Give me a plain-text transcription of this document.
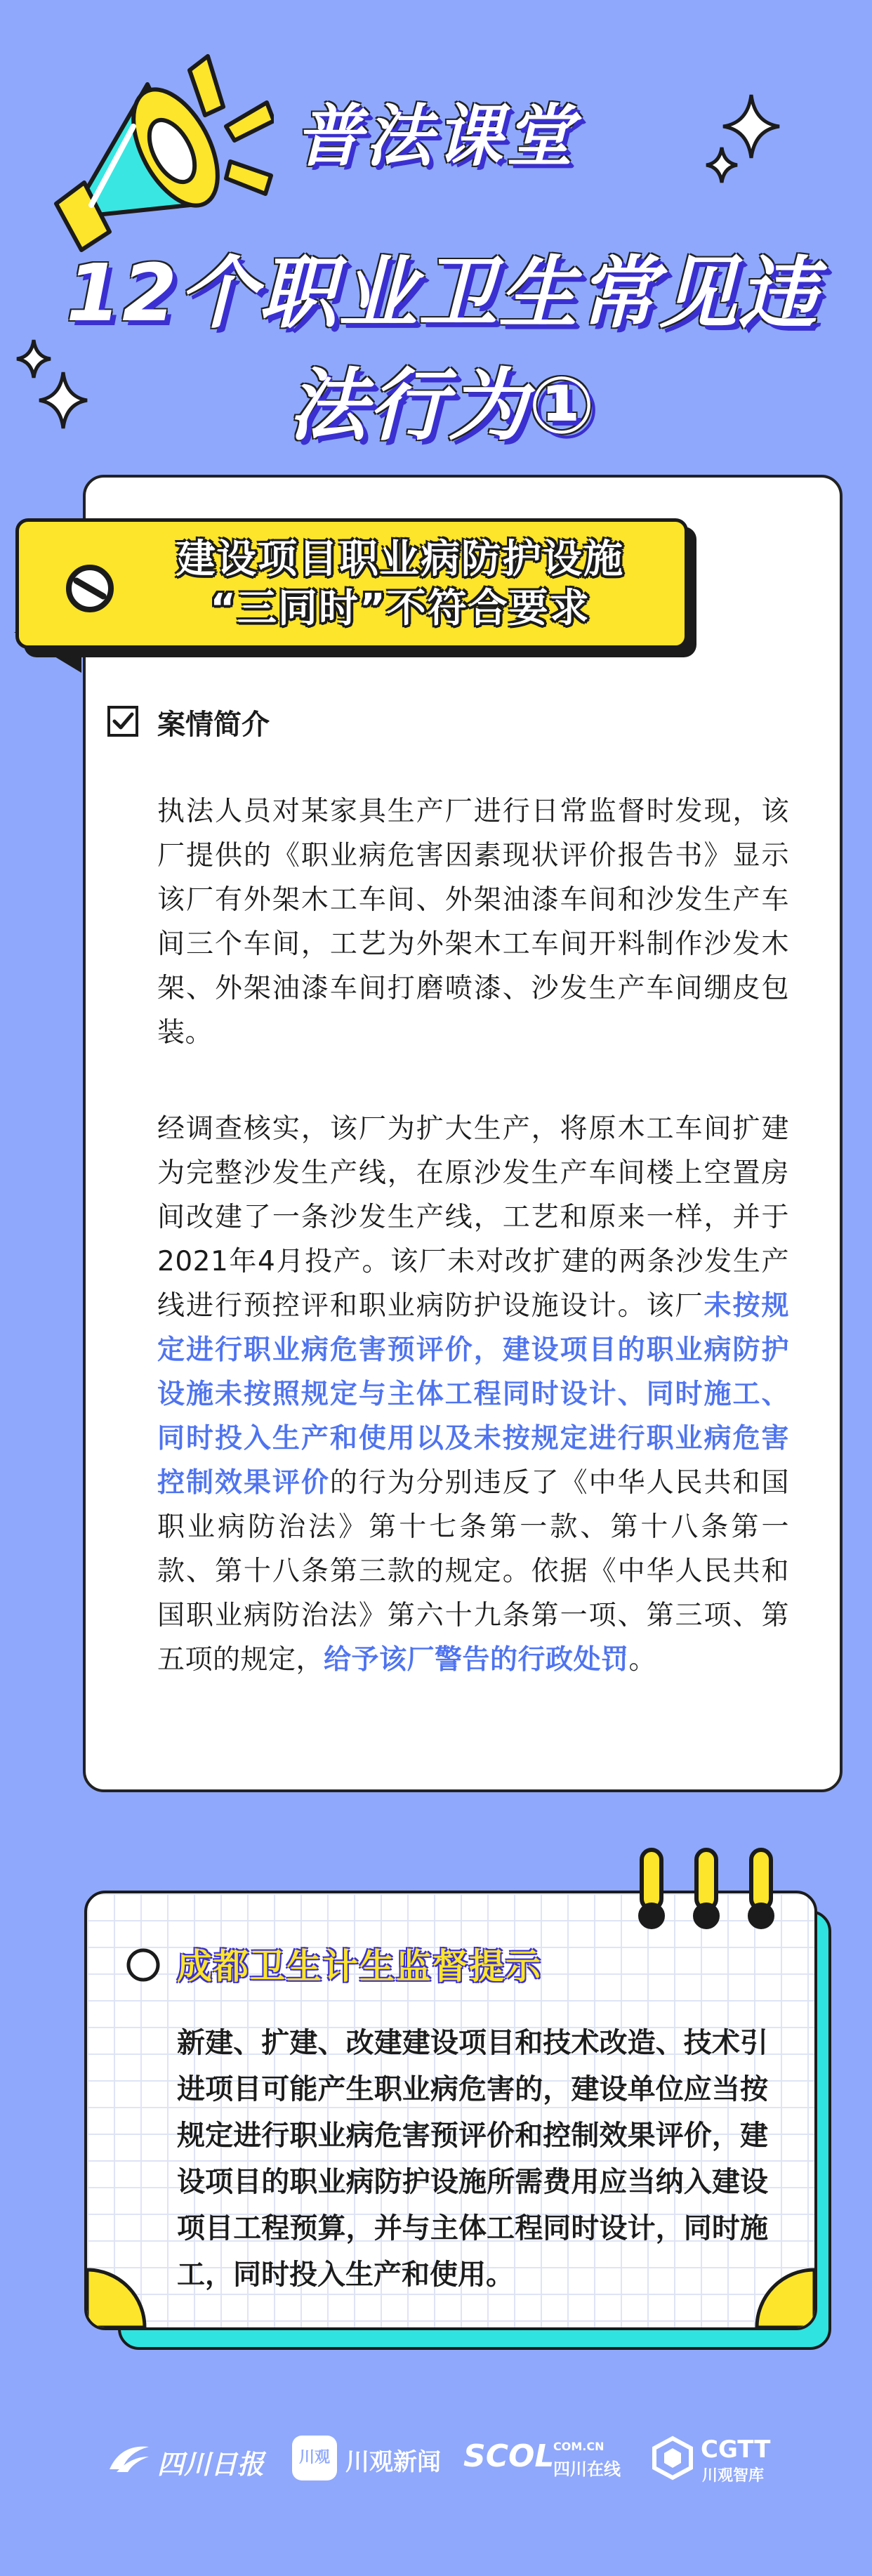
普法课堂
12个职业卫生常见违
法行为①
建设项目职业病防护设施
“三同时”不符合要求
案情简介
执法人员对某家具生产厂进行日常监督时发现，该厂提供的《职业病危害因素现状评价报告书》显示该厂有外架木工车间、外架油漆车间和沙发生产车间三个车间，工艺为外架木工车间开料制作沙发木架、外架油漆车间打磨喷漆、沙发生产车间绷皮包装。
经调查核实，该厂为扩大生产，将原木工车间扩建为完整沙发生产线，在原沙发生产车间楼上空置房间改建了一条沙发生产线，工艺和原来一样，并于2021年4月投产。该厂未对改扩建的两条沙发生产线进行预控评和职业病防护设施设计。该厂未按规定进行职业病危害预评价，建设项目的职业病防护设施未按照规定与主体工程同时设计、同时施工、同时投入生产和使用以及未按规定进行职业病危害控制效果评价的行为分别违反了《中华人民共和国职业病防治法》第十七条第一款、第十八条第一款、第十八条第三款的规定。依据《中华人民共和国职业病防治法》第六十九条第一项、第三项、第五项的规定，给予该厂警告的行政处罚。
成都卫生计生监督提示
新建、扩建、改建建设项目和技术改造、技术引进项目可能产生职业病危害的，建设单位应当按规定进行职业病危害预评价和控制效果评价，建设项目的职业病防护设施所需费用应当纳入建设项目工程预算，并与主体工程同时设计，同时施工，同时投入生产和使用。
四川日报	川观 川观新闻 SCOL
COM.CN
四川在线
CGTT
川观智库
